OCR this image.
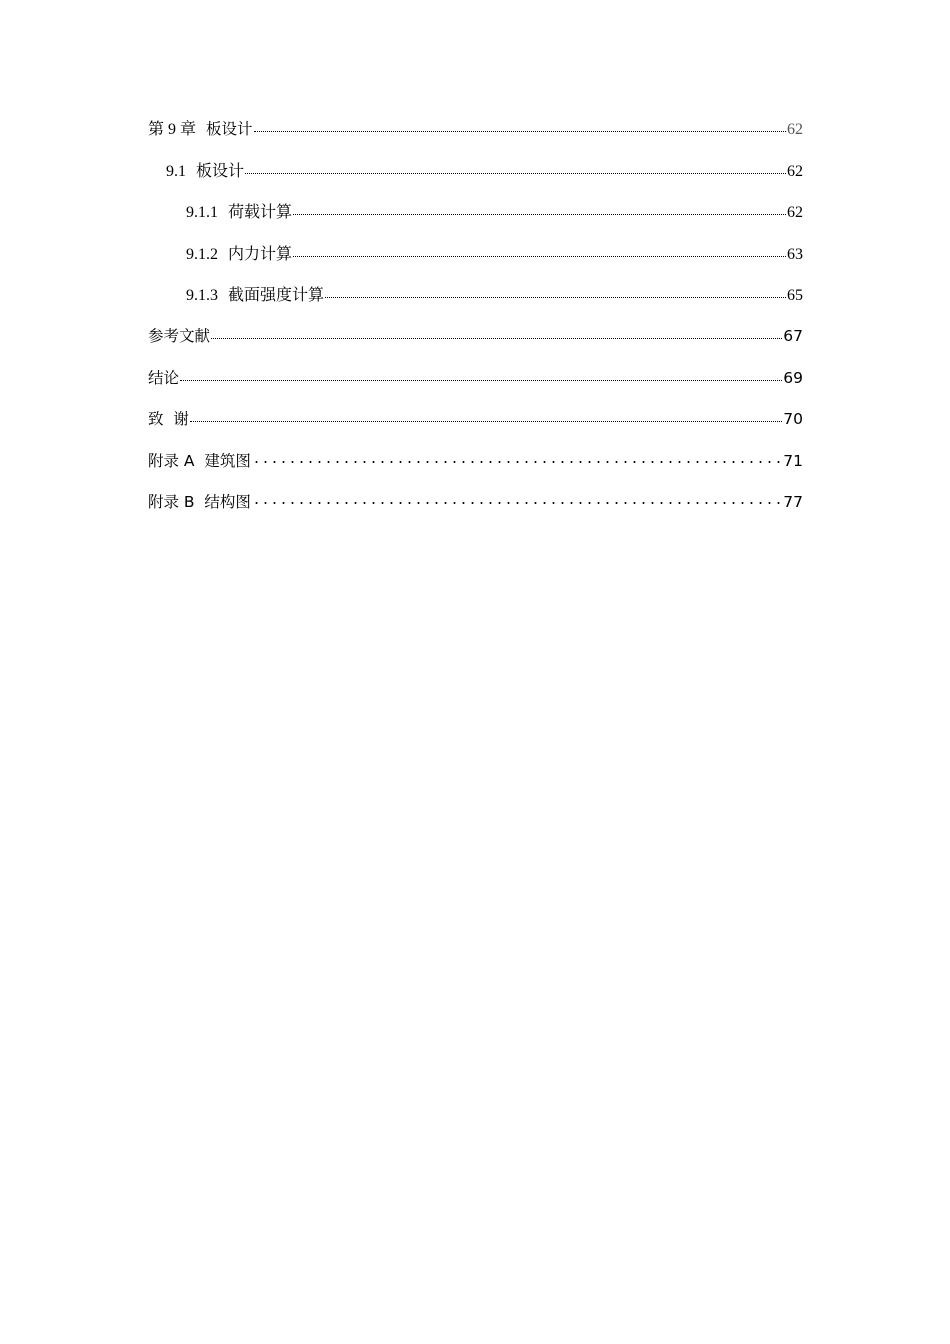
第 9 章 板设计	62
9.1 板设计	62
9.1.1 荷载计算	62
9.1.2 内力计算	63
9.1.3 截面强度计算	65
参考文献	67
结论	69
致  谢	70
附录 A  建筑图	71
附录 B  结构图	77
